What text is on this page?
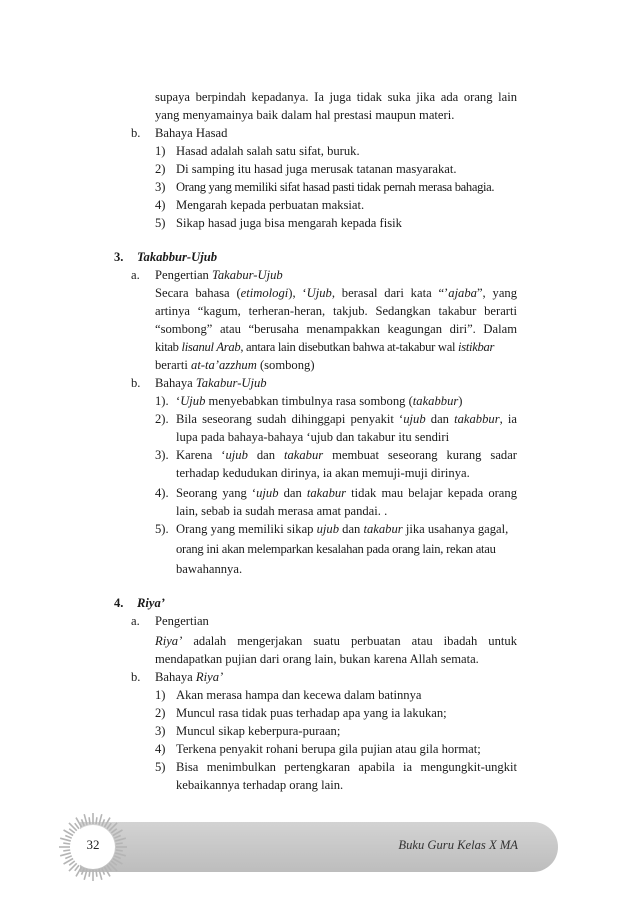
supaya berpindah kepadanya. Ia juga tidak suka jika ada orang lain
yang menyamainya baik dalam hal prestasi maupun materi.
b. Bahaya Hasad
1) Hasad adalah salah satu sifat, buruk.
2) Di samping itu hasad juga merusak tatanan masyarakat.
3) Orang yang memiliki sifat hasad pasti tidak pernah merasa bahagia.
4) Mengarah kepada perbuatan maksiat.
5) Sikap hasad juga bisa mengarah kepada fisik
3. Takabbur-Ujub
a. Pengertian Takabur-Ujub
Secara bahasa (etimologi), ‘Ujub, berasal dari kata “’ajaba”, yang
artinya “kagum, terheran-heran, takjub. Sedangkan takabur berarti
“sombong” atau “berusaha menampakkan keagungan diri”. Dalam
kitab lisanul Arab, antara lain disebutkan bahwa at-takabur wal istikbar
berarti at-ta’azzhum (sombong)
b. Bahaya Takabur-Ujub
1). ‘Ujub menyebabkan timbulnya rasa sombong (takabbur)
2). Bila seseorang sudah dihinggapi penyakit ‘ujub dan takabbur, ia
lupa pada bahaya-bahaya ‘ujub dan takabur itu sendiri
3). Karena ‘ujub dan takabur membuat seseorang kurang sadar
terhadap kedudukan dirinya, ia akan memuji-muji dirinya.
4). Seorang yang ‘ujub dan takabur tidak mau belajar kepada orang
lain, sebab ia sudah merasa amat pandai. .
5). Orang yang memiliki sikap ujub dan takabur jika usahanya gagal,
orang ini akan melemparkan kesalahan pada orang lain, rekan atau
bawahannya.
4. Riya’
a. Pengertian
Riya’ adalah mengerjakan suatu perbuatan atau ibadah untuk
mendapatkan pujian dari orang lain, bukan karena Allah semata.
b. Bahaya Riya’
1) Akan merasa hampa dan kecewa dalam batinnya
2) Muncul rasa tidak puas terhadap apa yang ia lakukan;
3) Muncul sikap keberpura-puraan;
4) Terkena penyakit rohani berupa gila pujian atau gila hormat;
5) Bisa menimbulkan pertengkaran apabila ia mengungkit-ungkit
kebaikannya terhadap orang lain.
Buku Guru Kelas X MA
32
